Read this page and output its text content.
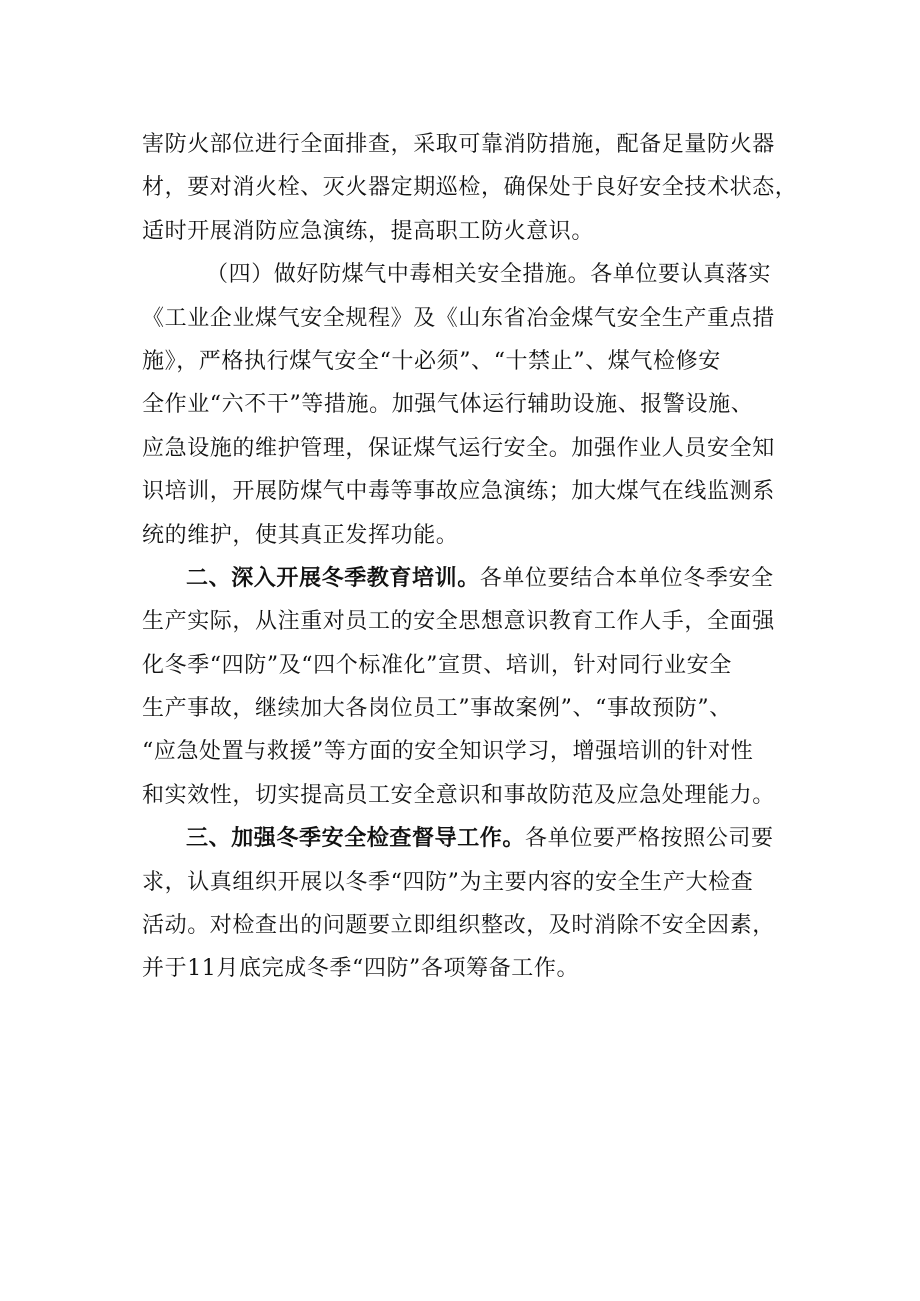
害防火部位进行全面排查，采取可靠消防措施，配备足量防火器
材，要对消火栓、灭火器定期巡检，确保处于良好安全技术状态，
适时开展消防应急演练，提高职工防火意识。
（四）做好防煤气中毒相关安全措施。各单位要认真落实
《工业企业煤气安全规程》及《山东省冶金煤气安全生产重点措
施》，严格执行煤气安全“十必须”、“十禁止”、煤气检修安
全作业“六不干”等措施。加强气体运行辅助设施、报警设施、
应急设施的维护管理，保证煤气运行安全。加强作业人员安全知
识培训，开展防煤气中毒等事故应急演练；加大煤气在线监测系
统的维护，使其真正发挥功能。
二、深入开展冬季教育培训。各单位要结合本单位冬季安全
生产实际，从注重对员工的安全思想意识教育工作人手，全面强
化冬季“四防”及“四个标准化”宣贯、培训，针对同行业安全
生产事故，继续加大各岗位员工”事故案例”、“事故预防”、
“应急处置与救援”等方面的安全知识学习，增强培训的针对性
和实效性，切实提高员工安全意识和事故防范及应急处理能力。
三、加强冬季安全检查督导工作。各单位要严格按照公司要
求，认真组织开展以冬季“四防”为主要内容的安全生产大检查
活动。对检查出的问题要立即组织整改，及时消除不安全因素，
并于11月底完成冬季“四防”各项筹备工作。
